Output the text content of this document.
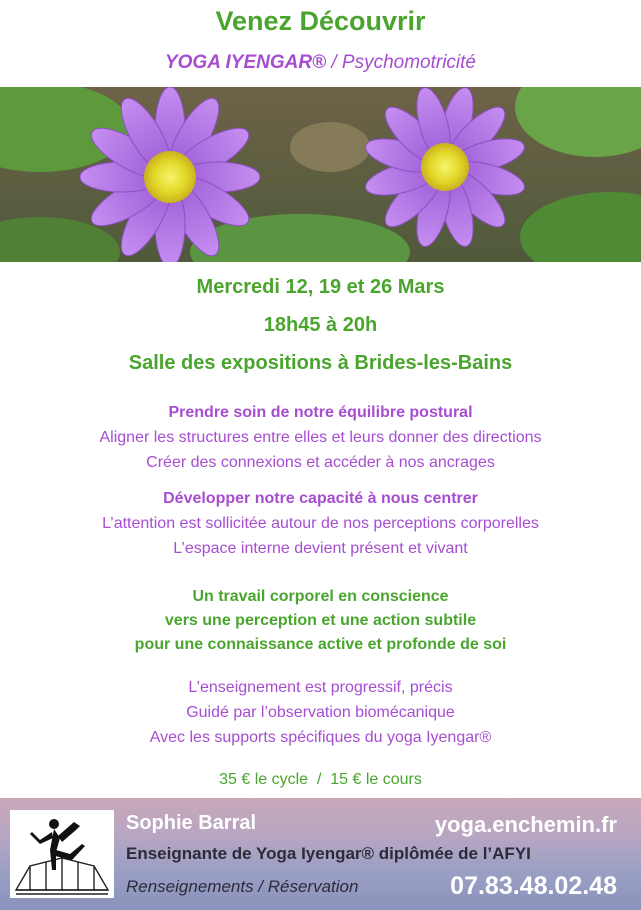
Venez Découvrir
YOGA IYENGAR® / Psychomotricité
Mercredi 12, 19 et 26 Mars
18h45 à 20h
Salle des expositions à Brides-les-Bains
Prendre soin de notre équilibre postural
Aligner les structures entre elles et leurs donner des directions
Créer des connexions et accéder à nos ancrages
Développer notre capacité à nous centrer
L’attention est sollicitée autour de nos perceptions corporelles
L’espace interne devient présent et vivant
Un travail corporel en conscience
vers une perception et une action subtile
pour une connaissance active et profonde de soi
L’enseignement est progressif, précis
Guidé par l’observation biomécanique
Avec les supports spécifiques du yoga Iyengar®
35 € le cycle  /  15 € le cours
Sophie Barral	yoga.enchemin.fr
Enseignante de Yoga Iyengar® diplômée de l’AFYI
Renseignements / Réservation	07.83.48.02.48
